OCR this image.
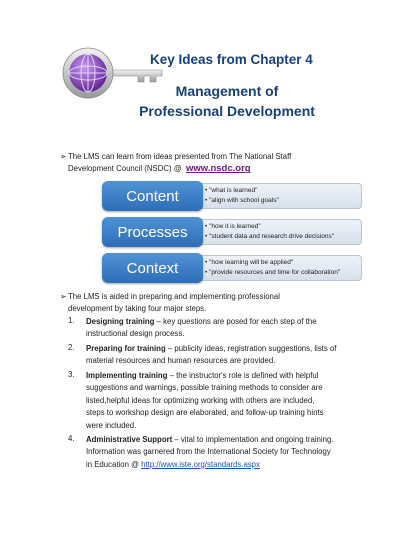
Key Ideas from Chapter 4
Management of
Professional Development
➢ The LMS can learn from ideas presented from The National Staff
Development Council (NSDC) @ www.nsdc.org
• "what is learned"
• "align with school goals"
Content
• "how it is learned"
• "student data and research drive decisions"
Processes
• "how learning will be applied"
• "provide resources and time for collaboration"
Context
➢ The LMS is aided in preparing and implementing professional
development by taking four major steps.
1. Designing training – key questions are posed for each step of the
instructional design process.
2. Preparing for training – publicity ideas, registration suggestions, lists of
material resources and human resources are provided.
3. Implementing training – the instructor's role is defined with helpful
suggestions and warnings, possible training methods to consider are
listed,helpful ideas for optimizing working with others are included,
steps to workshop design are elaborated, and follow-up training hints
were included.
4. Administrative Support – vital to implementation and ongoing training.
Information was garnered from the International Society for Technology
in Education @ http://www.iste.org/standards.aspx
